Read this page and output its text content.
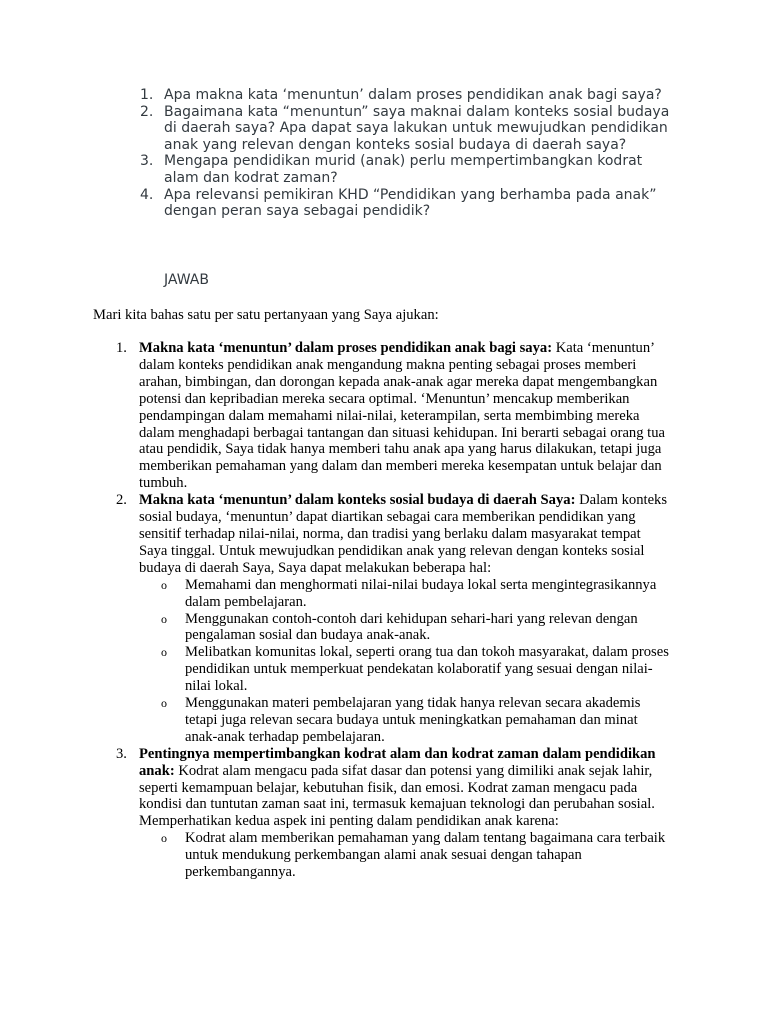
1. Apa makna kata ‘menuntun’ dalam proses pendidikan anak bagi saya?
2. Bagaimana kata “menuntun” saya maknai dalam konteks sosial budaya di daerah saya? Apa dapat saya lakukan untuk mewujudkan pendidikan anak yang relevan dengan konteks sosial budaya di daerah saya?
3. Mengapa pendidikan murid (anak) perlu mempertimbangkan kodrat alam dan kodrat zaman?
4. Apa relevansi pemikiran KHD “Pendidikan yang berhamba pada anak” dengan peran saya sebagai pendidik?
JAWAB
Mari kita bahas satu per satu pertanyaan yang Saya ajukan:
1. Makna kata ‘menuntun’ dalam proses pendidikan anak bagi saya: Kata ‘menuntun’ dalam konteks pendidikan anak mengandung makna penting sebagai proses memberi arahan, bimbingan, dan dorongan kepada anak-anak agar mereka dapat mengembangkan potensi dan kepribadian mereka secara optimal. ‘Menuntun’ mencakup memberikan pendampingan dalam memahami nilai-nilai, keterampilan, serta membimbing mereka dalam menghadapi berbagai tantangan dan situasi kehidupan. Ini berarti sebagai orang tua atau pendidik, Saya tidak hanya memberi tahu anak apa yang harus dilakukan, tetapi juga memberikan pemahaman yang dalam dan memberi mereka kesempatan untuk belajar dan tumbuh.
2. Makna kata ‘menuntun’ dalam konteks sosial budaya di daerah Saya: Dalam konteks sosial budaya, ‘menuntun’ dapat diartikan sebagai cara memberikan pendidikan yang sensitif terhadap nilai-nilai, norma, dan tradisi yang berlaku dalam masyarakat tempat Saya tinggal. Untuk mewujudkan pendidikan anak yang relevan dengan konteks sosial budaya di daerah Saya, Saya dapat melakukan beberapa hal:
o Memahami dan menghormati nilai-nilai budaya lokal serta mengintegrasikannya dalam pembelajaran.
o Menggunakan contoh-contoh dari kehidupan sehari-hari yang relevan dengan pengalaman sosial dan budaya anak-anak.
o Melibatkan komunitas lokal, seperti orang tua dan tokoh masyarakat, dalam proses pendidikan untuk memperkuat pendekatan kolaboratif yang sesuai dengan nilai-nilai lokal.
o Menggunakan materi pembelajaran yang tidak hanya relevan secara akademis tetapi juga relevan secara budaya untuk meningkatkan pemahaman dan minat anak-anak terhadap pembelajaran.
3. Pentingnya mempertimbangkan kodrat alam dan kodrat zaman dalam pendidikan anak: Kodrat alam mengacu pada sifat dasar dan potensi yang dimiliki anak sejak lahir, seperti kemampuan belajar, kebutuhan fisik, dan emosi. Kodrat zaman mengacu pada kondisi dan tuntutan zaman saat ini, termasuk kemajuan teknologi dan perubahan sosial. Memperhatikan kedua aspek ini penting dalam pendidikan anak karena:
o Kodrat alam memberikan pemahaman yang dalam tentang bagaimana cara terbaik untuk mendukung perkembangan alami anak sesuai dengan tahapan perkembangannya.
